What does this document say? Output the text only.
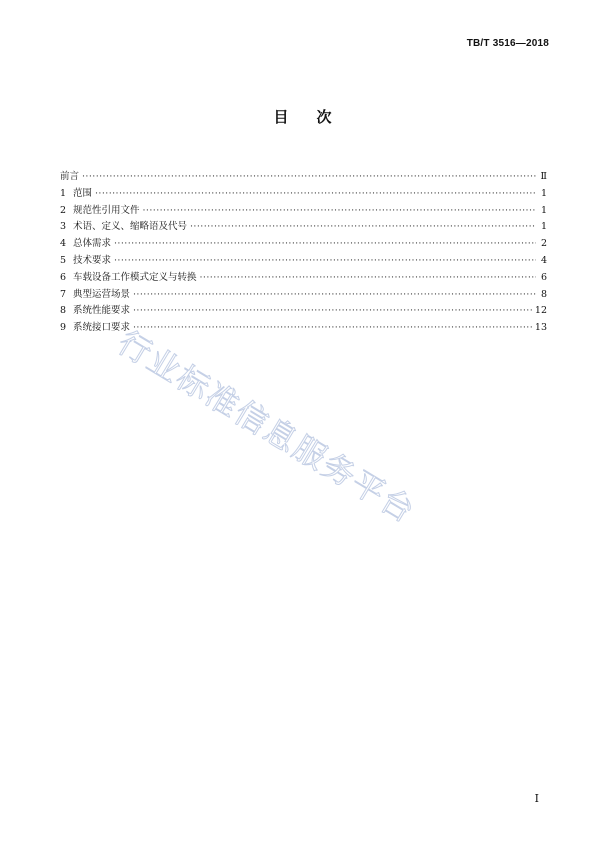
TB/T 3516—2018
目 次
前言 ·····	Ⅱ
1 范围 ·····	1
2 规范性引用文件 ·····	1
3 术语、定义、缩略语及代号 ·····	1
4 总体需求 ·····	2
5 技术要求 ·····	4
6 车载设备工作模式定义与转换 ·····	6
7 典型运营场景 ·····	8
8 系统性能要求 ·····	12
9 系统接口要求 ·····	13
行业标准信息服务平台
Ⅰ
